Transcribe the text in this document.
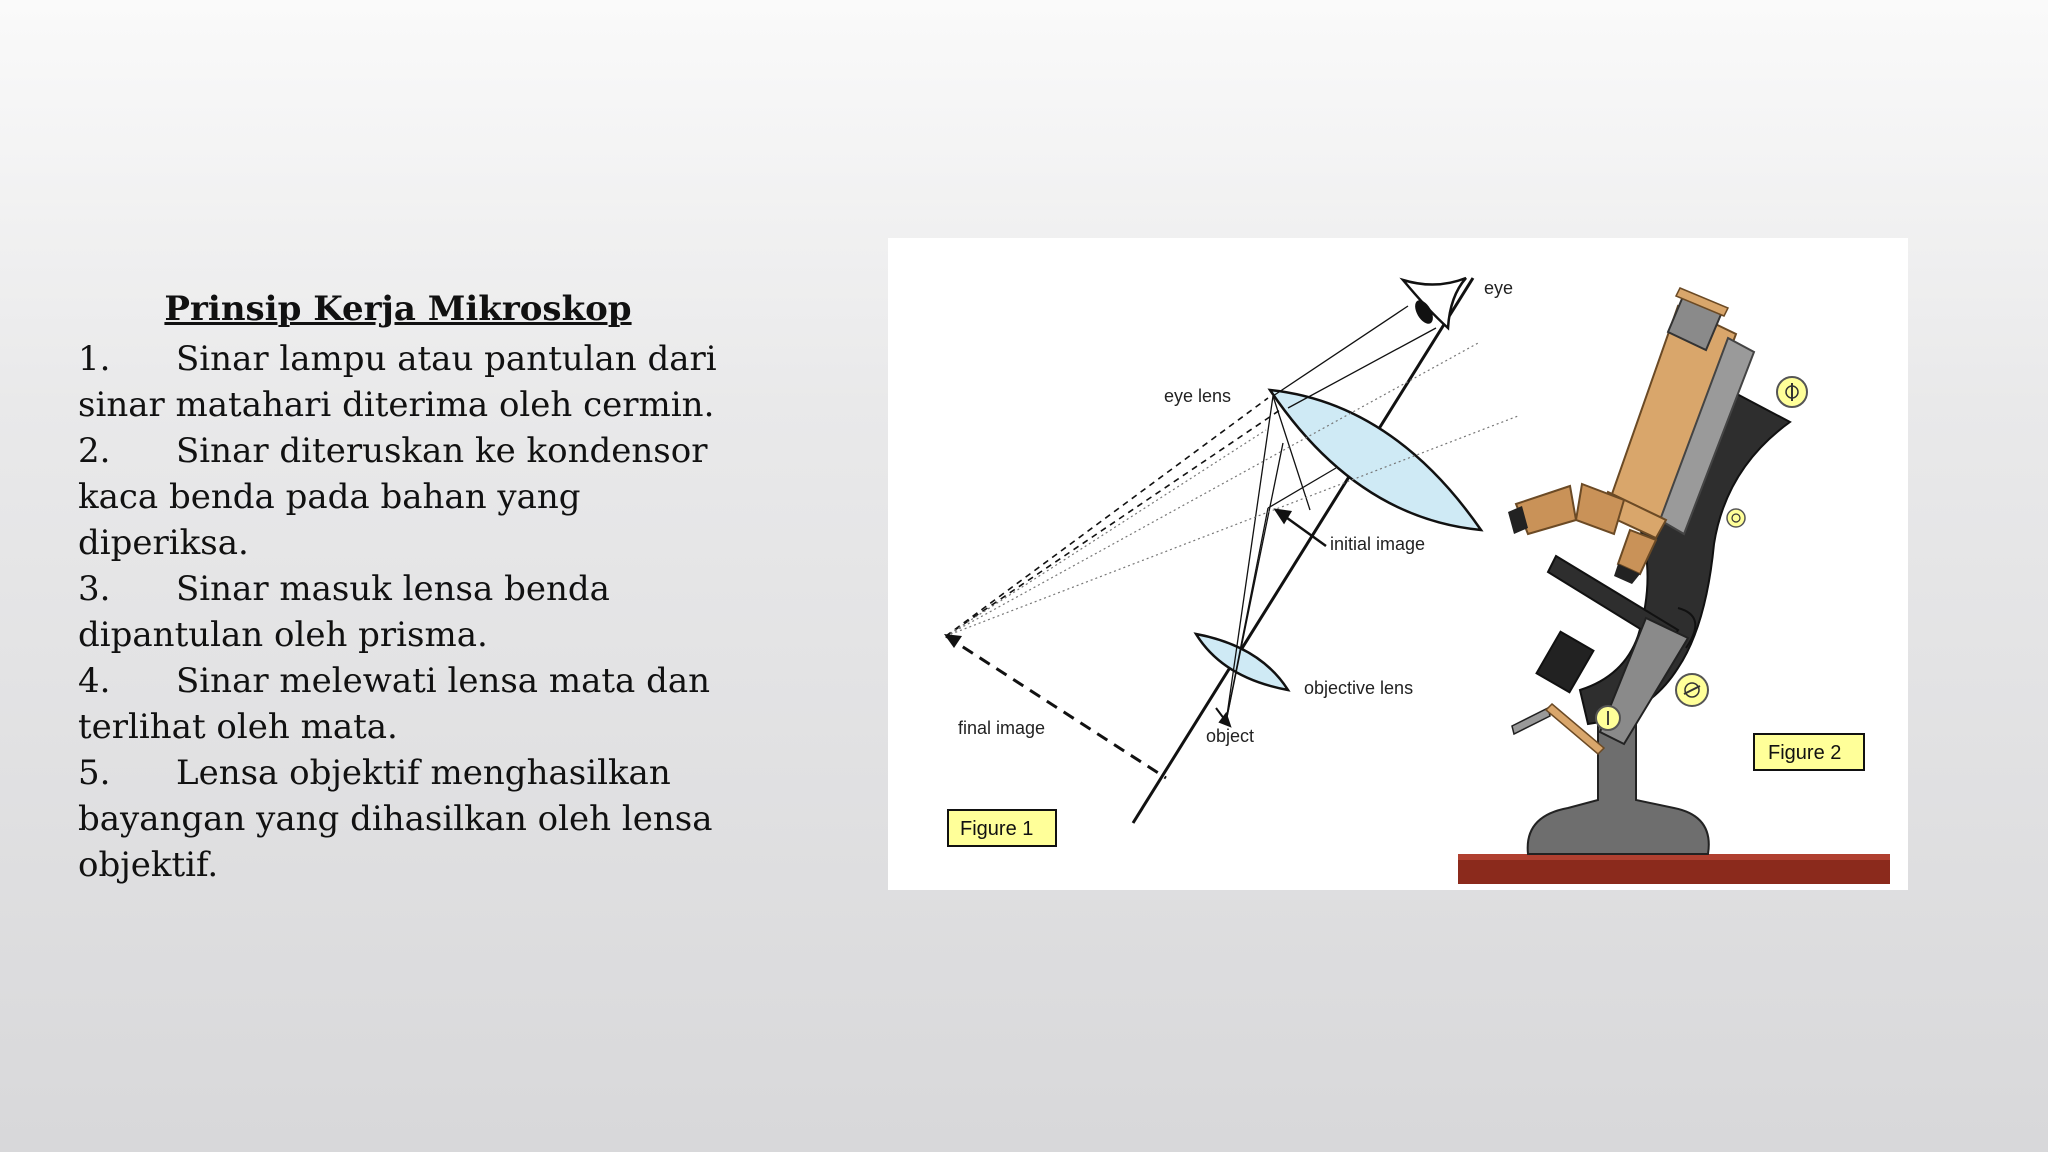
Prinsip Kerja Mikroskop
1. Sinar lampu atau pantulan dari
sinar matahari diterima oleh cermin.
2. Sinar diteruskan ke kondensor
kaca benda pada bahan yang diperiksa.
3. Sinar masuk lensa benda
dipantulan oleh prisma.
4. Sinar melewati lensa mata dan
terlihat oleh mata.
5. Lensa objektif menghasilkan
bayangan yang dihasilkan oleh lensa
objektif.
eye
eye lens
initial image
objective lens
final image	object
Figure 1
Figure 2
